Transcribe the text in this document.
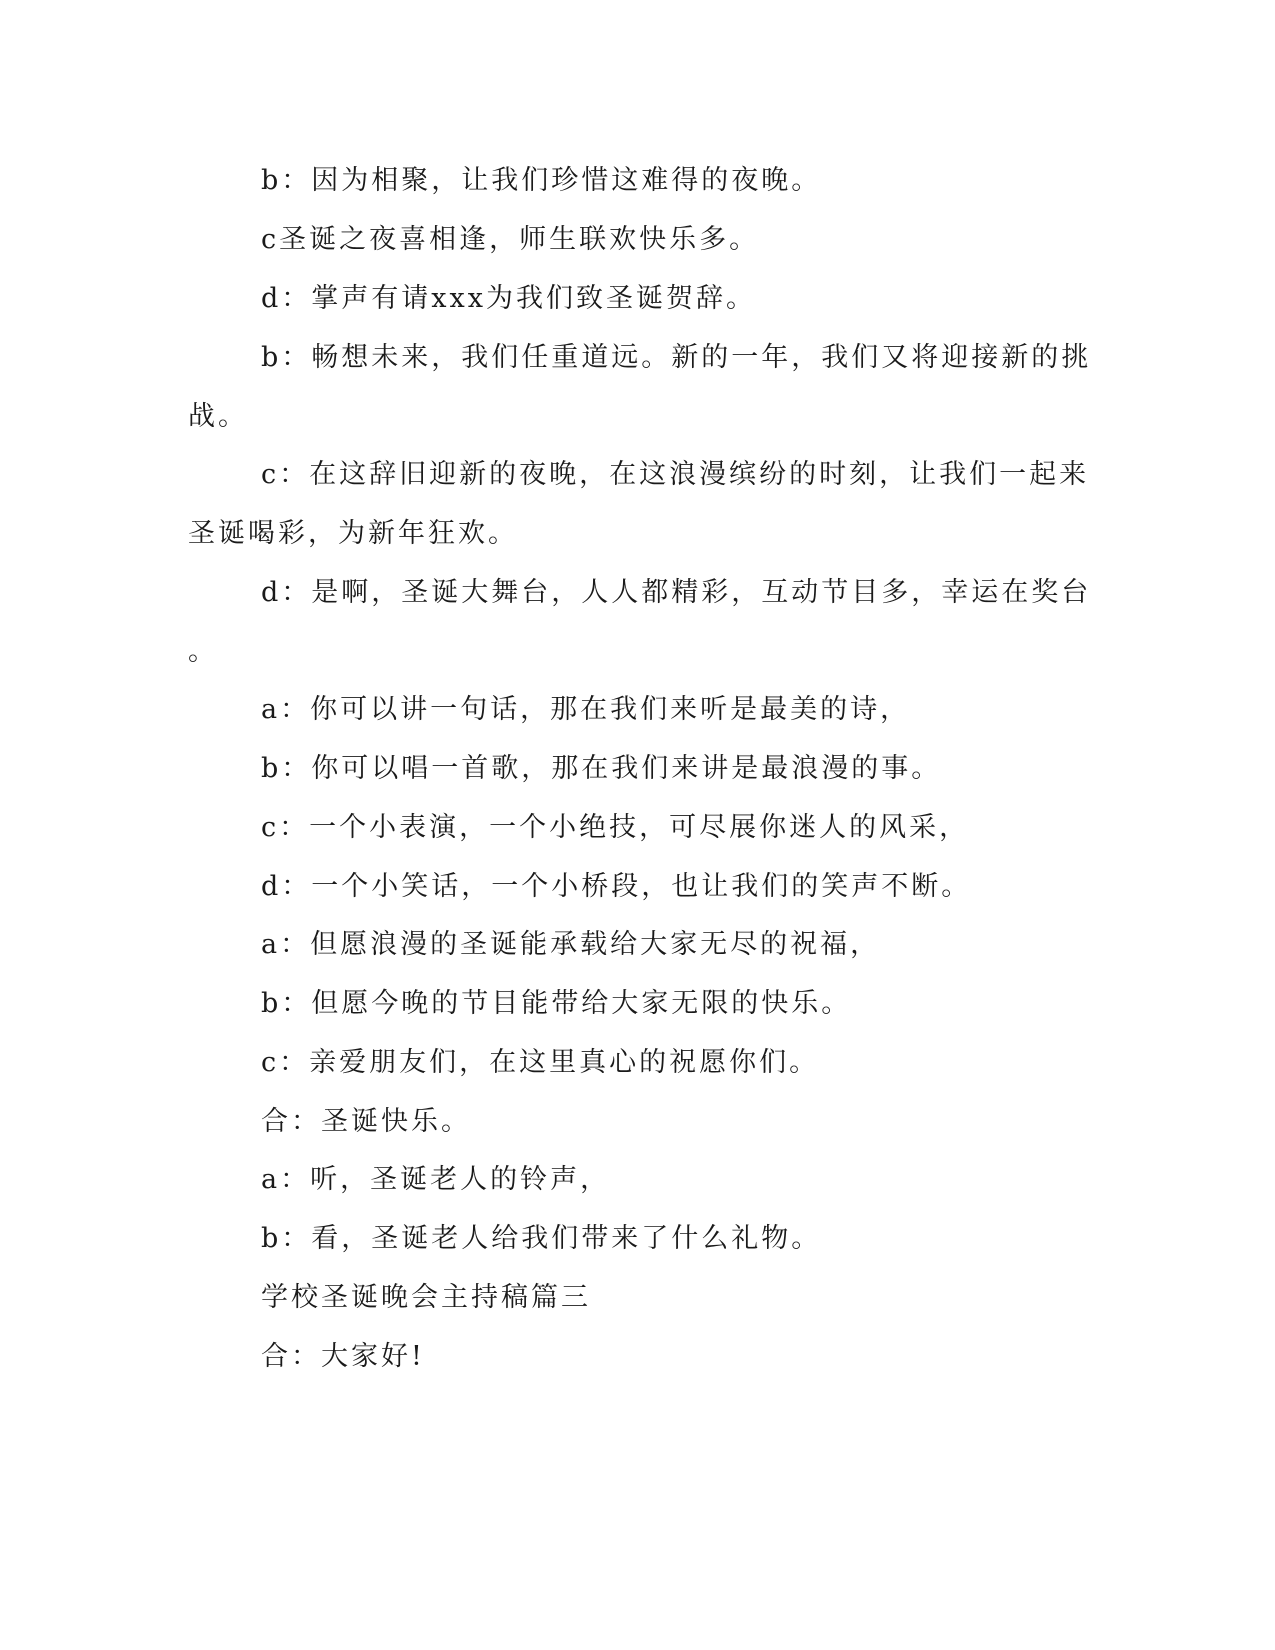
b：因为相聚，让我们珍惜这难得的夜晚。
c圣诞之夜喜相逢，师生联欢快乐多。
d：掌声有请xxx为我们致圣诞贺辞。
b：畅想未来，我们任重道远。新的一年，我们又将迎接新的挑
战。
c：在这辞旧迎新的夜晚，在这浪漫缤纷的时刻，让我们一起来
圣诞喝彩，为新年狂欢。
d：是啊，圣诞大舞台，人人都精彩，互动节目多，幸运在奖台
。
a：你可以讲一句话，那在我们来听是最美的诗，
b：你可以唱一首歌，那在我们来讲是最浪漫的事。
c：一个小表演，一个小绝技，可尽展你迷人的风采，
d：一个小笑话，一个小桥段，也让我们的笑声不断。
a：但愿浪漫的圣诞能承载给大家无尽的祝福，
b：但愿今晚的节目能带给大家无限的快乐。
c：亲爱朋友们，在这里真心的祝愿你们。
合：圣诞快乐。
a：听，圣诞老人的铃声，
b：看，圣诞老人给我们带来了什么礼物。
学校圣诞晚会主持稿篇三
合：大家好!
